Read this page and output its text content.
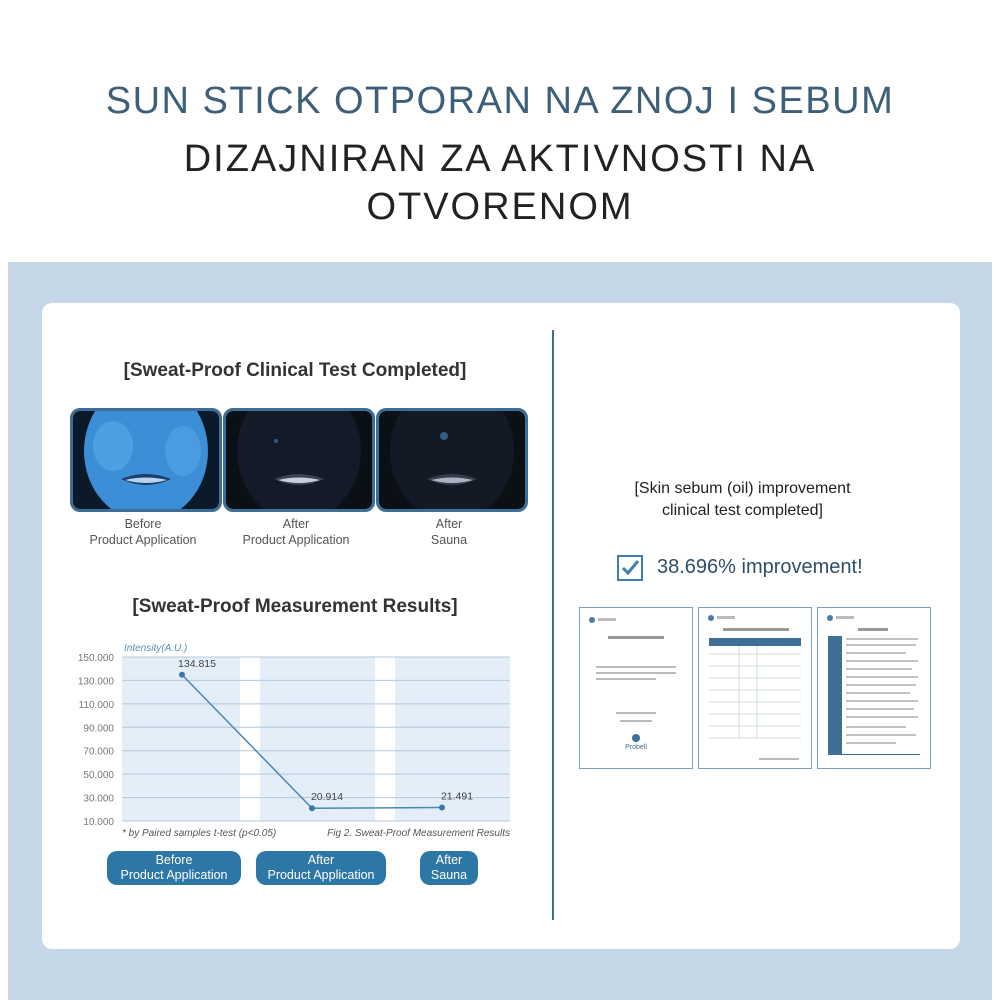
SUN STICK OTPORAN NA ZNOJ I SEBUM
DIZAJNIRAN ZA AKTIVNOSTI NA OTVORENOM
[Sweat-Proof Clinical Test Completed]
Before
Product Application
After
Product Application
After
Sauna
[Sweat-Proof Measurement Results]
150.000
130.000
110.000
90.000
70.000
50.000
30.000
10.000
Intensity(A.U.)
134.815
20.914	21.491
* by Paired samples t-test (p<0.05)	Fig 2. Sweat-Proof Measurement Results
Before
Product Application
After
Product Application
After
Sauna
[Skin sebum (oil) improvement
clinical test completed]
38.696% improvement!
Probell
